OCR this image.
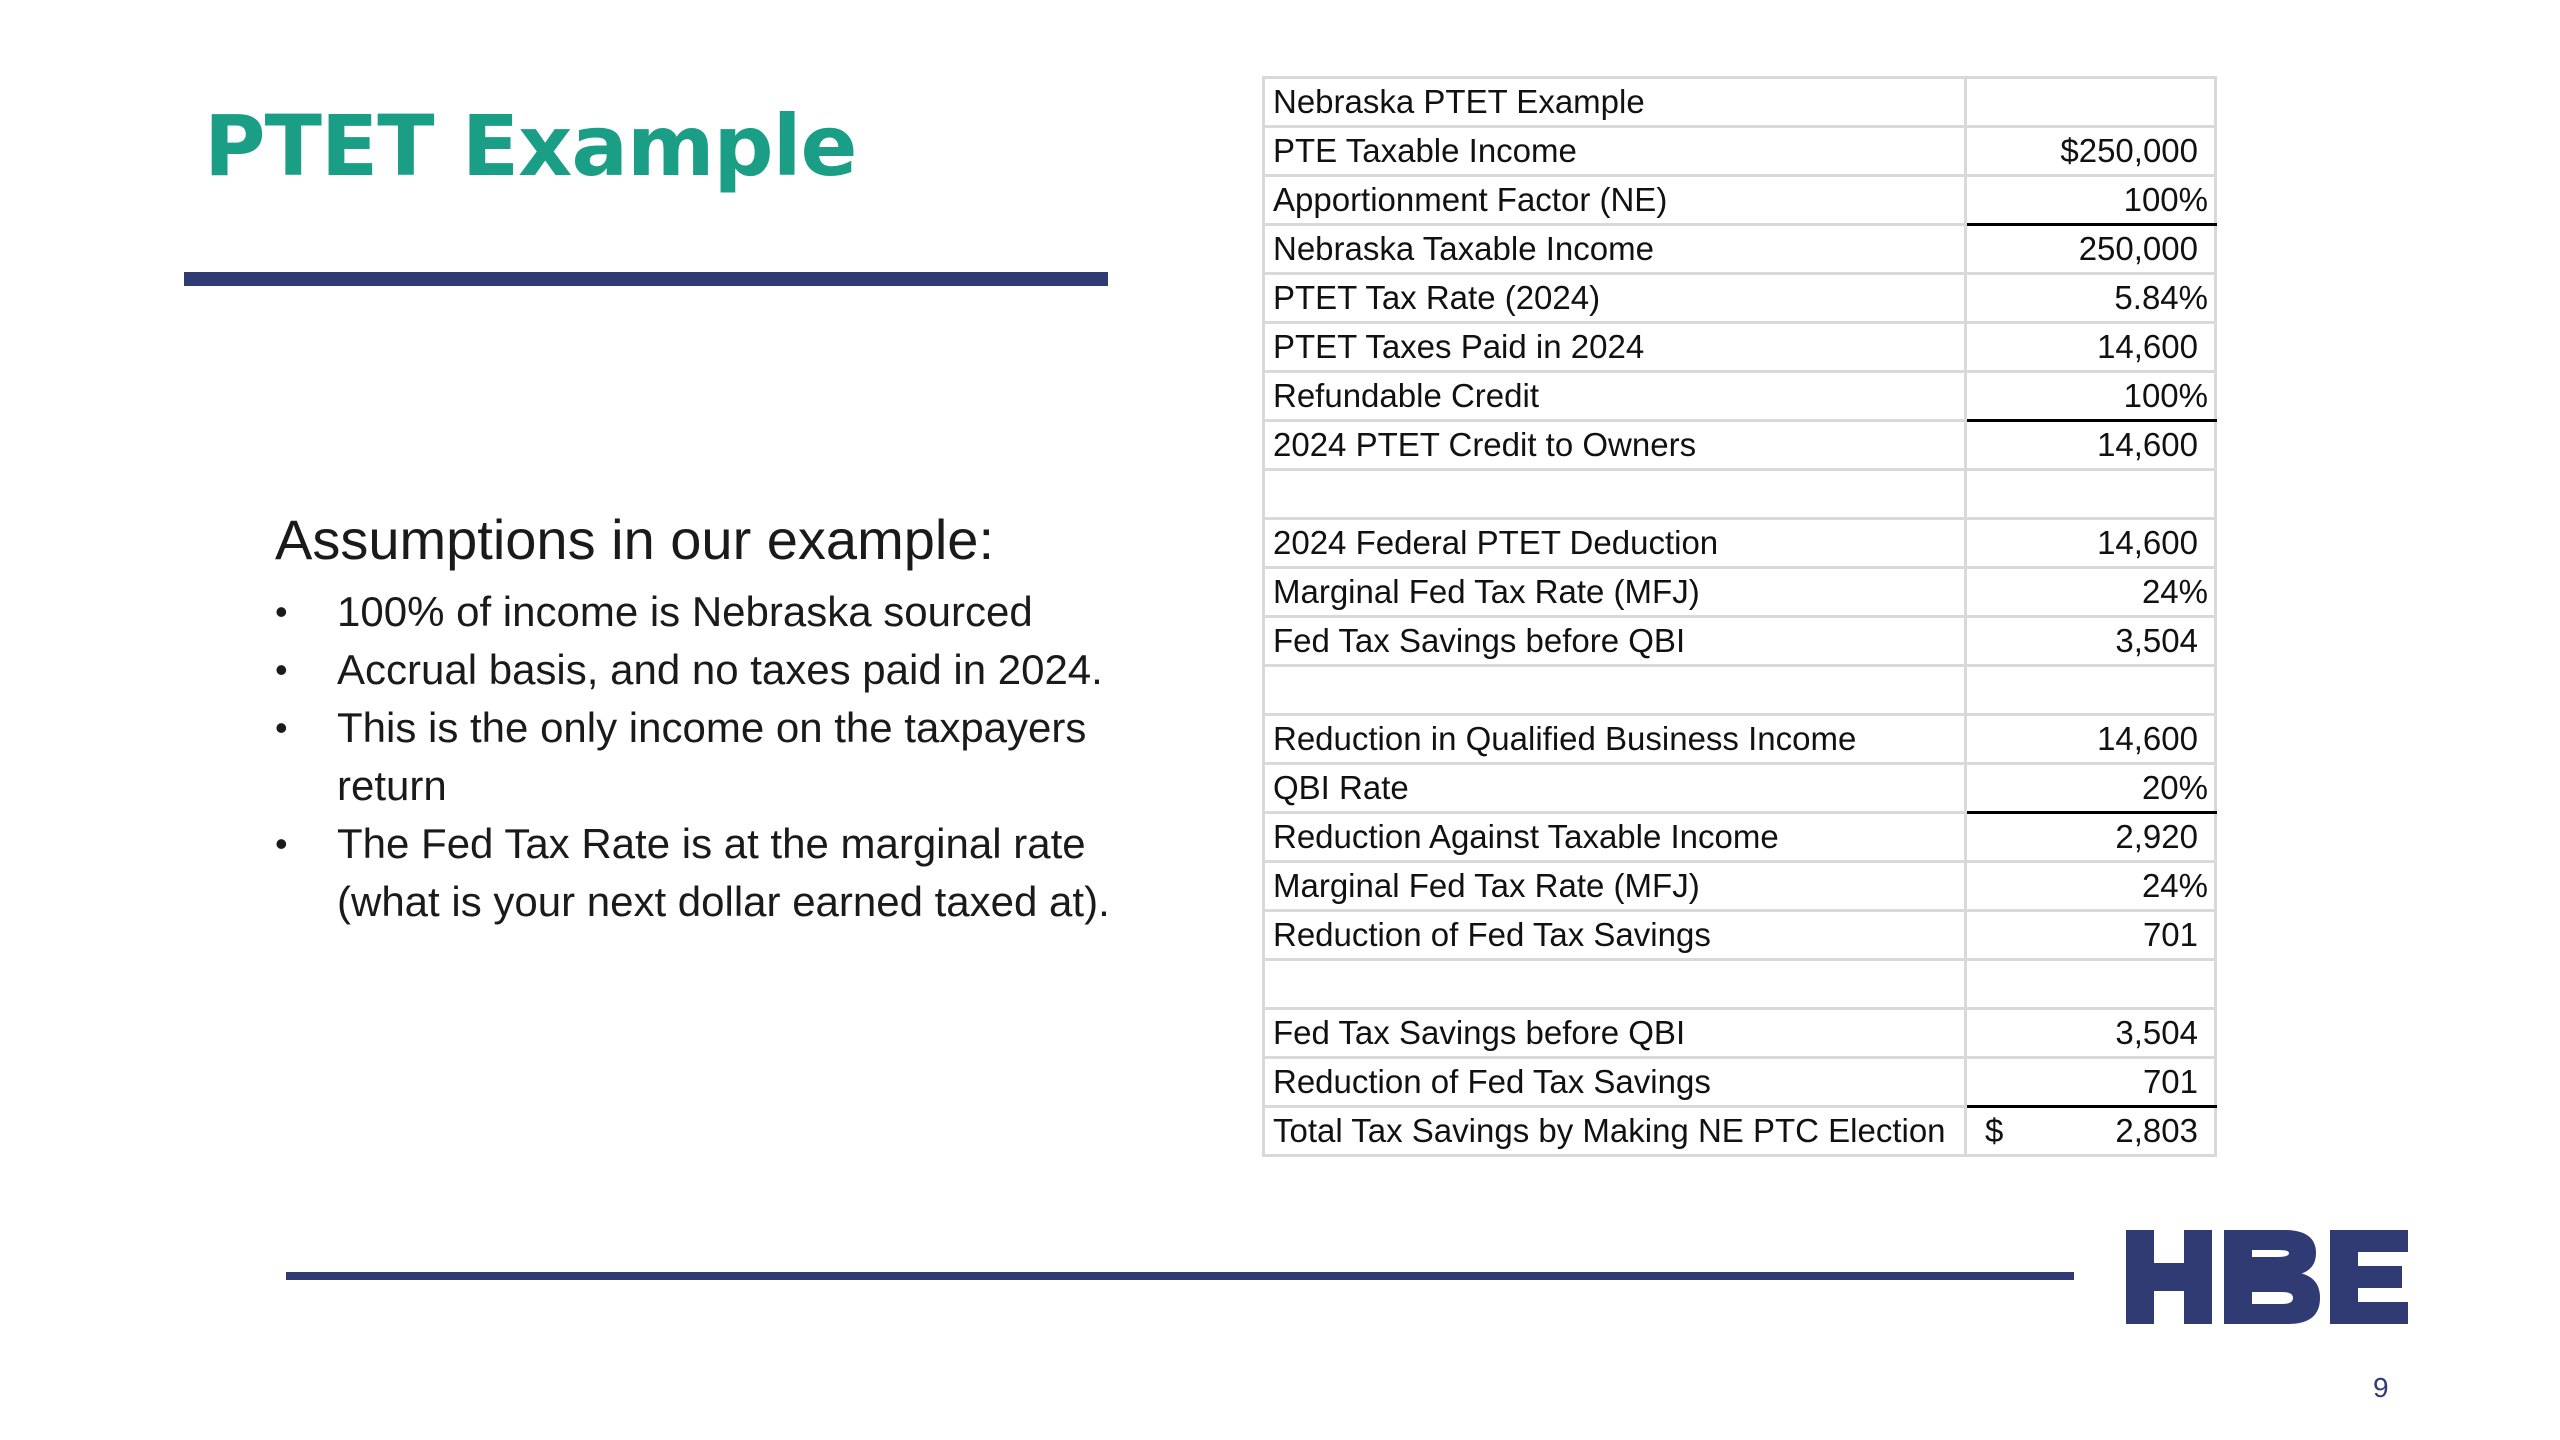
PTET Example
Assumptions in our example:
• 100% of income is Nebraska sourced
• Accrual basis, and no taxes paid in 2024.
• This is the only income on the taxpayers return
• The Fed Tax Rate is at the marginal rate (what is your next dollar earned taxed at).
Nebraska PTET Example	
PTE Taxable Income	$250,000
Apportionment Factor (NE)	100%
Nebraska Taxable Income	250,000
PTET Tax Rate (2024)	5.84%
PTET Taxes Paid in 2024	14,600
Refundable Credit	100%
2024 PTET Credit to Owners	14,600

2024 Federal PTET Deduction	14,600
Marginal Fed Tax Rate (MFJ)	24%
Fed Tax Savings before QBI	3,504

Reduction in Qualified Business Income	14,600
QBI Rate	20%
Reduction Against Taxable Income	2,920
Marginal Fed Tax Rate (MFJ)	24%
Reduction of Fed Tax Savings	701

Fed Tax Savings before QBI	3,504
Reduction of Fed Tax Savings	701
Total Tax Savings by Making NE PTC Election	$ 2,803
9
